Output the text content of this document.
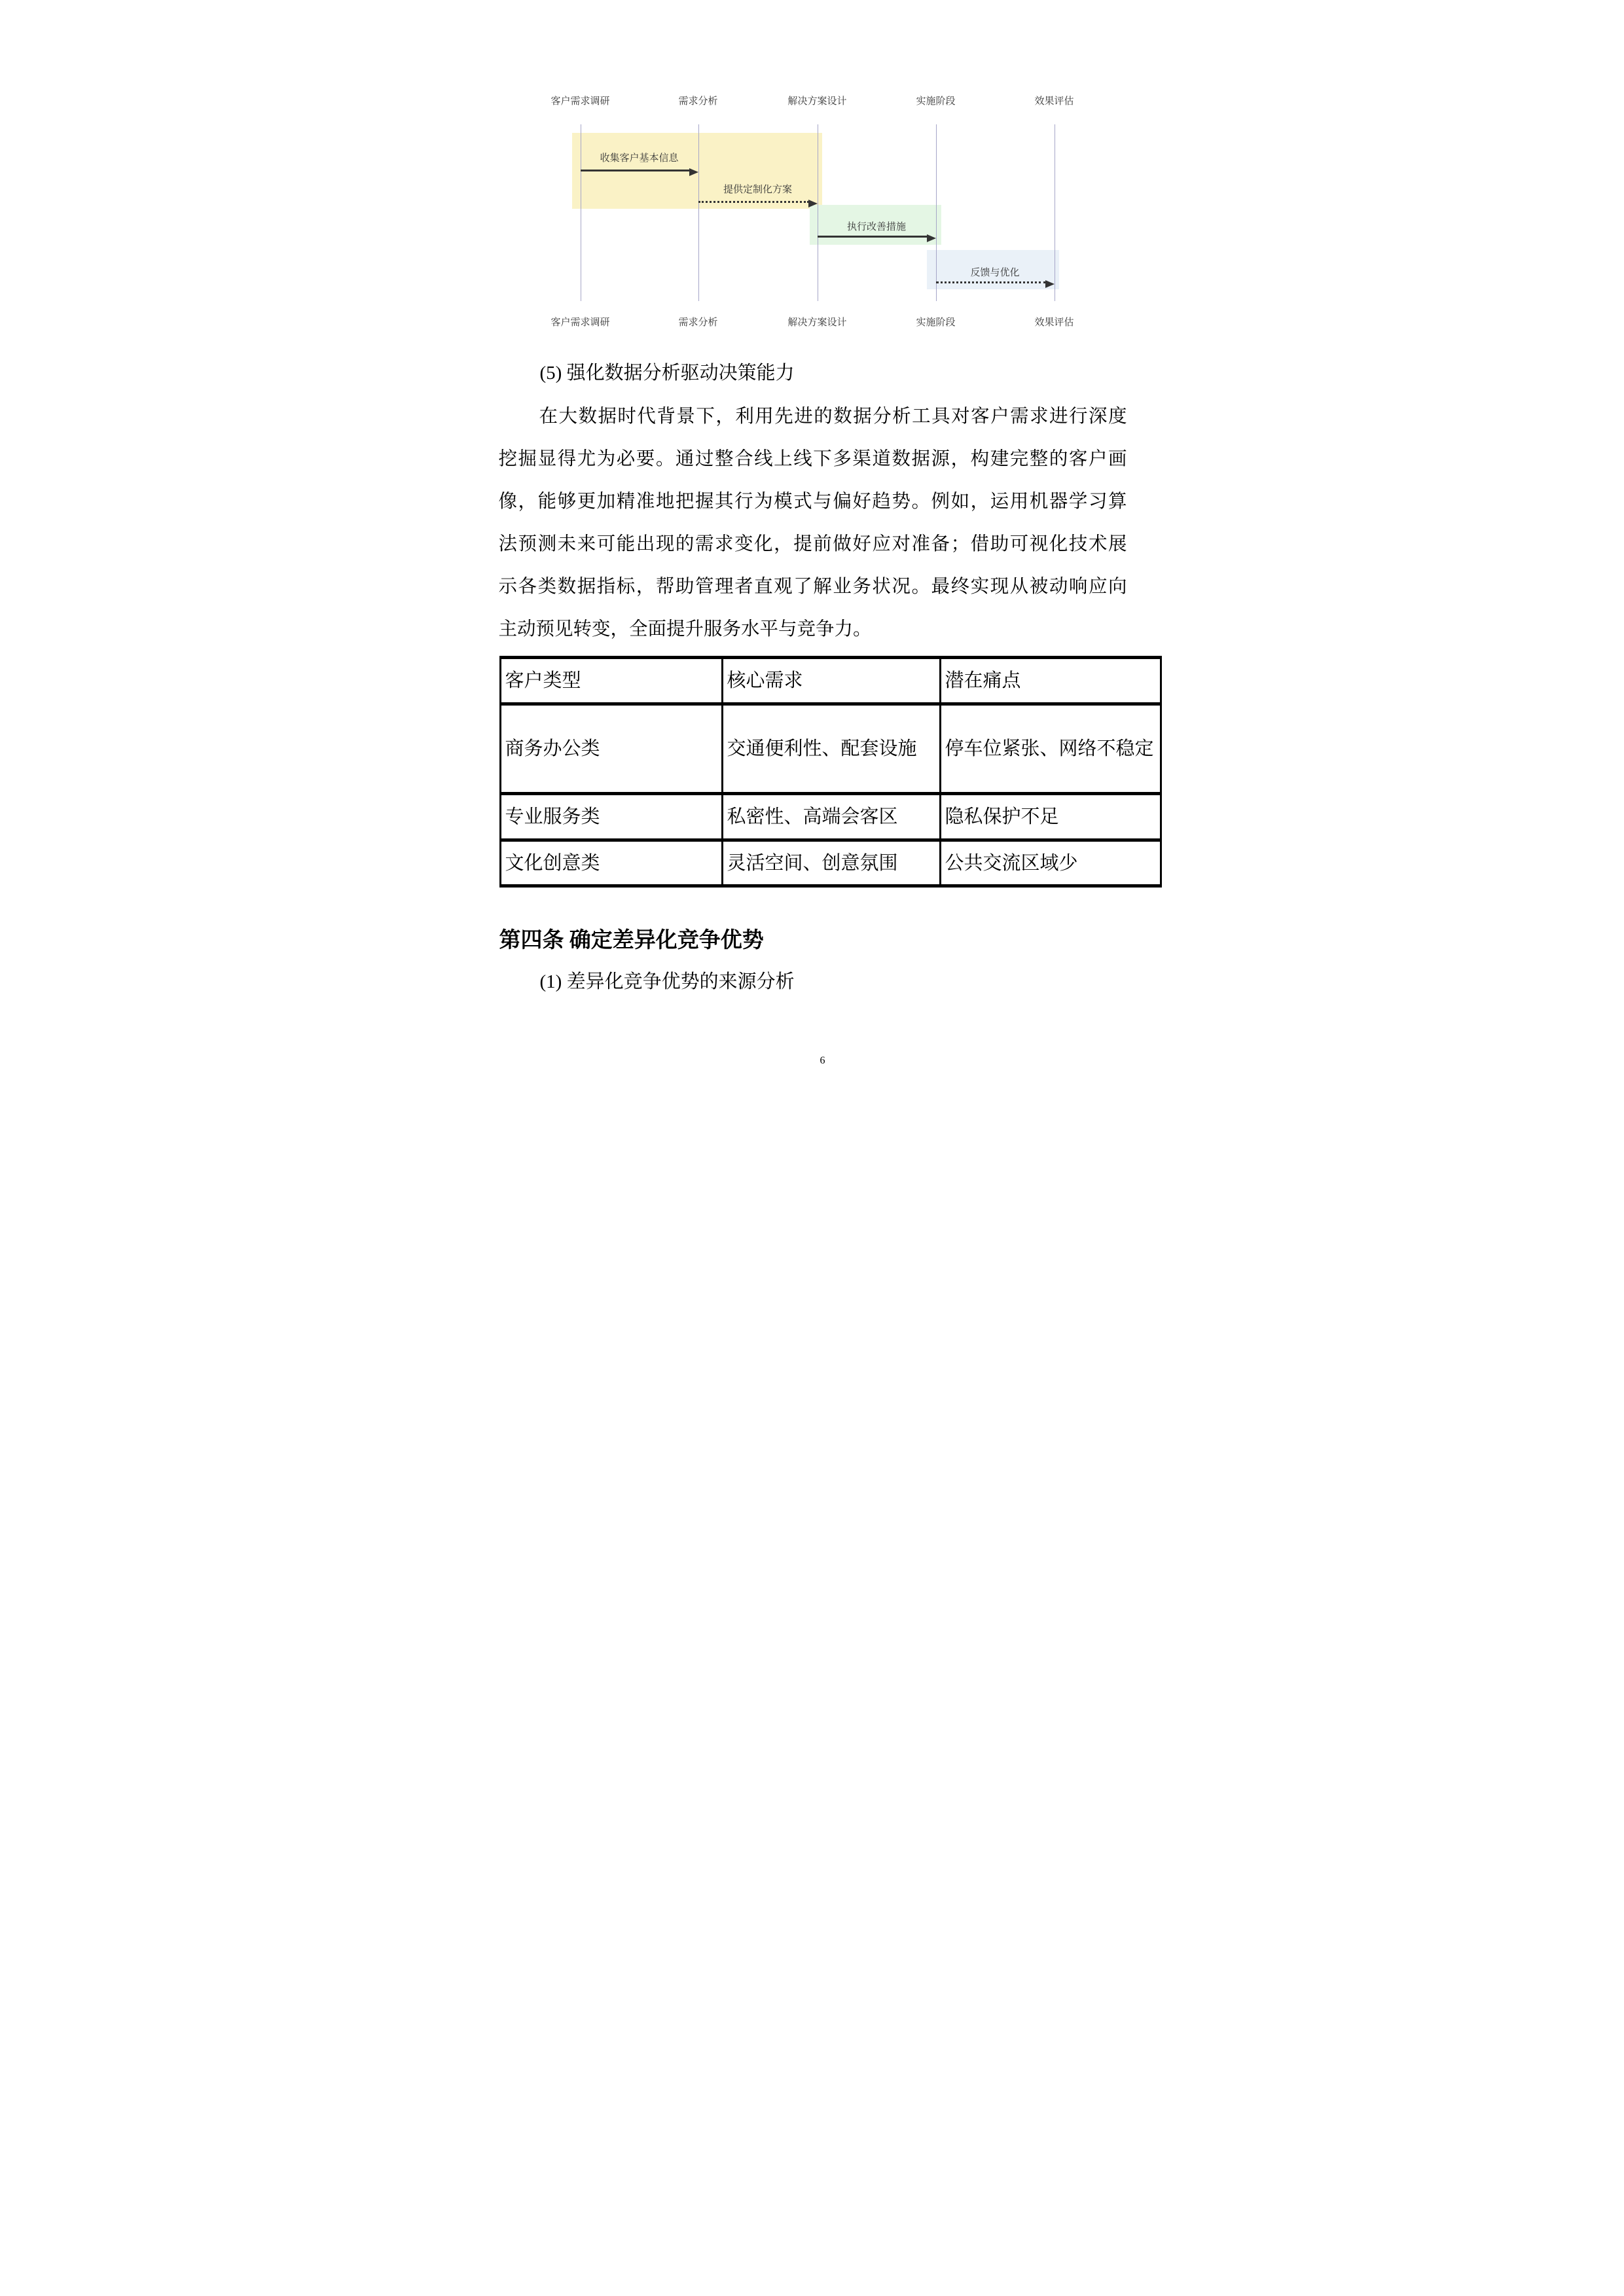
客户需求调研	需求分析	解决方案设计	实施阶段	效果评估
收集客户基本信息
提供定制化方案
执行改善措施
反馈与优化
客户需求调研	需求分析	解决方案设计	实施阶段	效果评估
(5) 强化数据分析驱动决策能力
在大数据时代背景下，利用先进的数据分析工具对客户需求进行深度
挖掘显得尤为必要。通过整合线上线下多渠道数据源，构建完整的客户画
像，能够更加精准地把握其行为模式与偏好趋势。例如，运用机器学习算
法预测未来可能出现的需求变化，提前做好应对准备；借助可视化技术展
示各类数据指标，帮助管理者直观了解业务状况。最终实现从被动响应向
主动预见转变，全面提升服务水平与竞争力。
客户类型	核心需求	潜在痛点
商务办公类	交通便利性、配套设施	停车位紧张、网络不稳定
专业服务类	私密性、高端会客区	隐私保护不足
文化创意类	灵活空间、创意氛围	公共交流区域少
第四条 确定差异化竞争优势
(1) 差异化竞争优势的来源分析
6
